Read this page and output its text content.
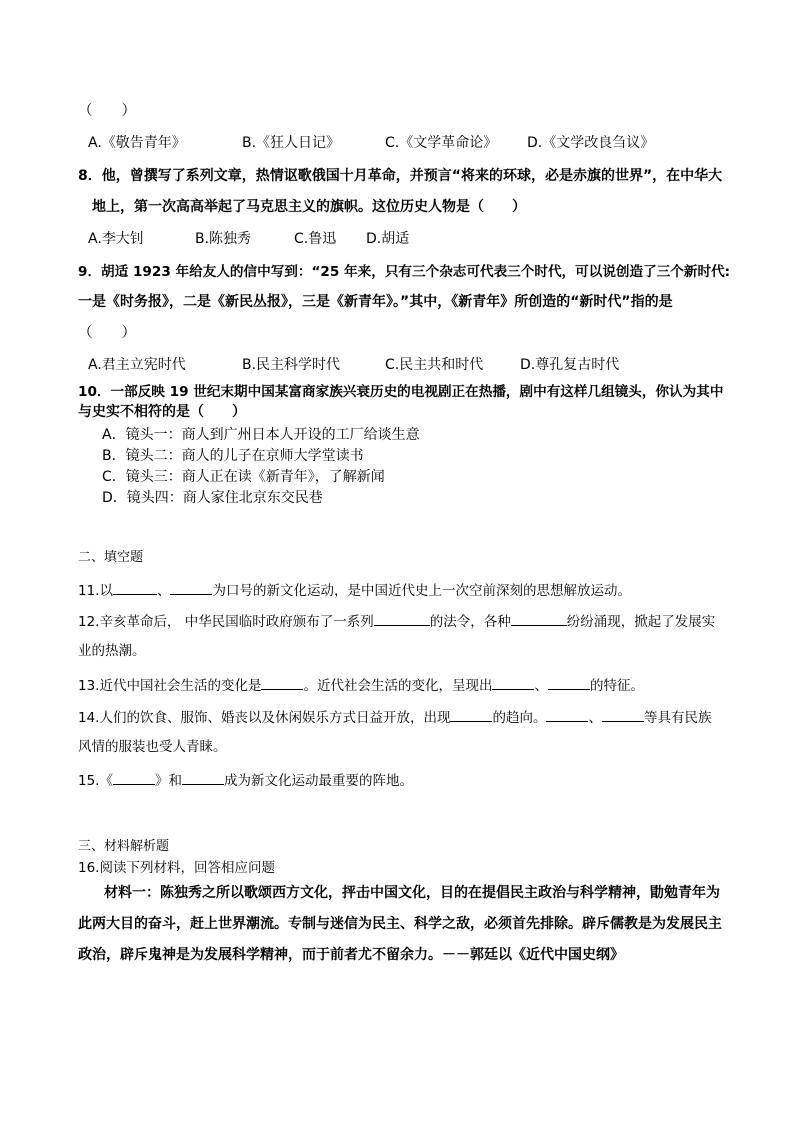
（　　）
A.《敬告青年》	B.《狂人日记》	C.《文学革命论》 D.《文学改良刍议》
8．他，曾撰写了系列文章，热情讴歌俄国十月革命，并预言“将来的环球，必是赤旗的世界”，在中华大
地上，第一次高高举起了马克思主义的旗帜。这位历史人物是（　　）
A.李大钊	B.陈独秀	C.鲁迅 D.胡适
9．胡适 1923 年给友人的信中写到：“25 年来，只有三个杂志可代表三个时代，可以说创造了三个新时代:
一是《时务报》，二是《新民丛报》，三是《新青年》。”其中，《新青年》所创造的“新时代”指的是
（　　）
A.君主立宪时代	B.民主科学时代	C.民主共和时代	D.尊孔复古时代
10．一部反映 19 世纪末期中国某富商家族兴衰历史的电视剧正在热播，剧中有这样几组镜头，你认为其中
与史实不相符的是（　　）
A．镜头一：商人到广州日本人开设的工厂给谈生意
B．镜头二：商人的儿子在京师大学堂读书
C．镜头三：商人正在读《新青年》，了解新闻
D．镜头四：商人家住北京东交民巷
二、填空题
11.以	、	为口号的新文化运动，是中国近代史上一次空前深刻的思想解放运动。
12.辛亥革命后， 中华民国临时政府颁布了一系列	的法令，各种	纷纷涌现，掀起了发展实
业的热潮。
13.近代中国社会生活的变化是	。近代社会生活的变化，呈现出	、	的特征。
14.人们的饮食、服饰、婚丧以及休闲娱乐方式日益开放，出现	的趋向。	、	等具有民族
风情的服装也受人青睐。
15.《	》和	成为新文化运动最重要的阵地。
三、材料解析题
16.阅读下列材料，回答相应问题
材料一：陈独秀之所以歌颂西方文化，抨击中国文化，目的在提倡民主政治与科学精神，勖勉青年为
此两大目的奋斗，赶上世界潮流。专制与迷信为民主、科学之敌，必须首先排除。辟斥儒教是为发展民主
政治，辟斥鬼神是为发展科学精神，而于前者尤不留余力。－－郭廷以《近代中国史纲》
